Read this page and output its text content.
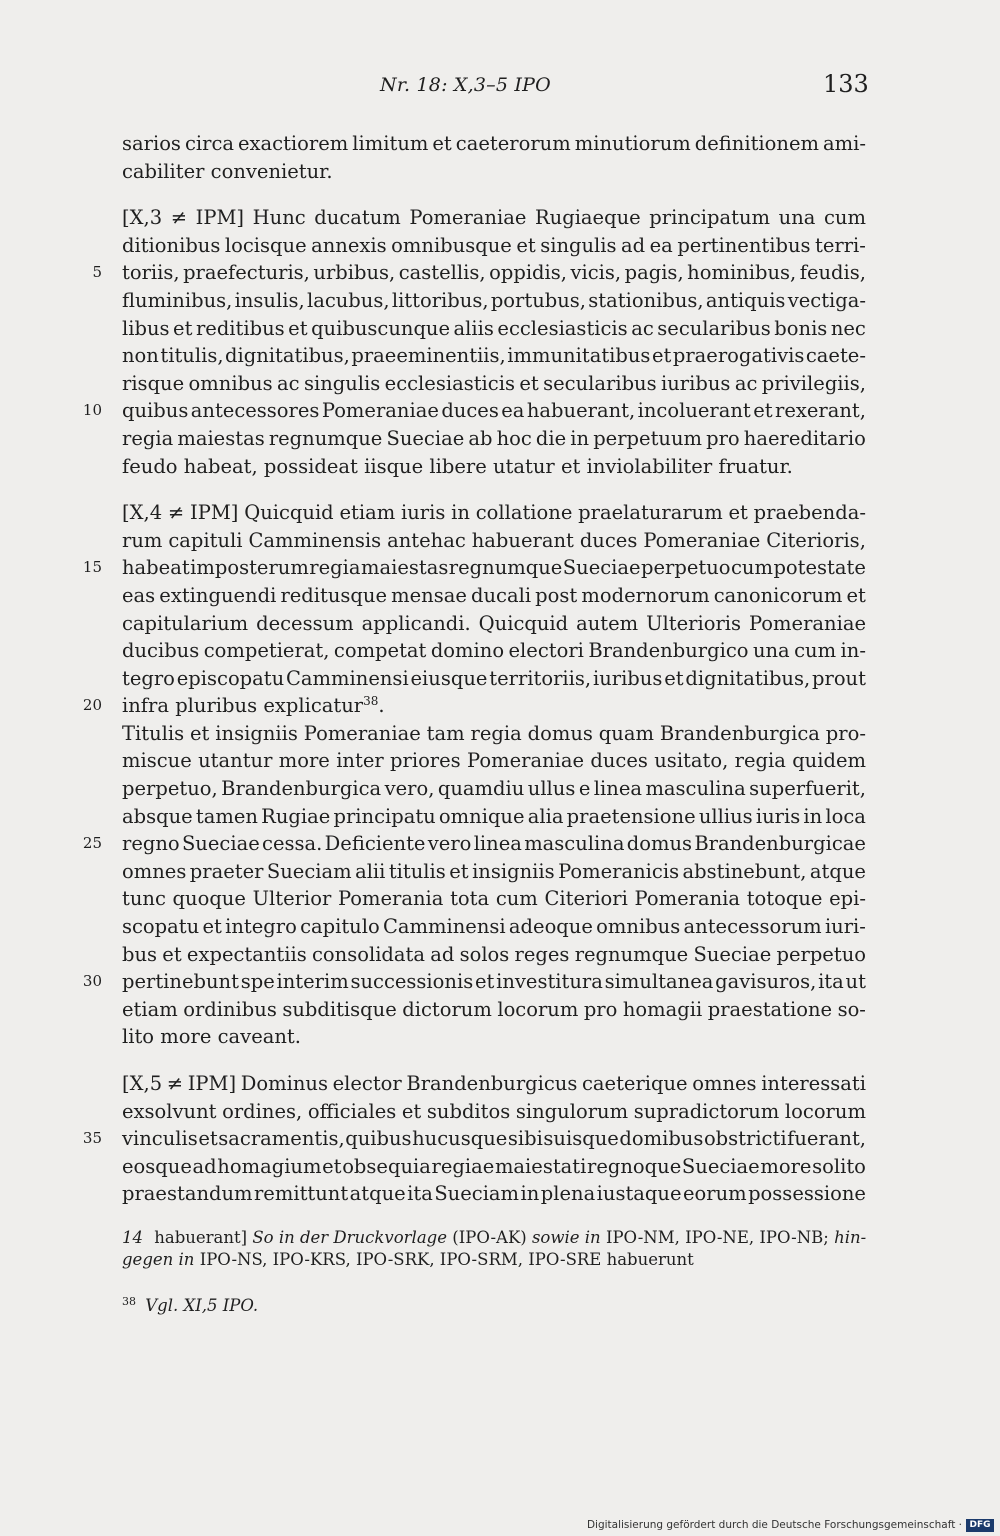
Nr. 18: X,3–5 IPO	133
sarios circa exactiorem limitum et caeterorum minutiorum definitionem ami-
cabiliter convenietur.
[X,3 ≠ IPM] Hunc ducatum Pomeraniae Rugiaeque principatum una cum
ditionibus locisque annexis omnibusque et singulis ad ea pertinentibus terri-
5 toriis, praefecturis, urbibus, castellis, oppidis, vicis, pagis, hominibus, feudis,
fluminibus, insulis, lacubus, littoribus, portubus, stationibus, antiquis vectiga-
libus et reditibus et quibuscunque aliis ecclesiasticis ac secularibus bonis nec
non titulis, dignitatibus, praeeminentiis, immunitatibus et praerogativis caete-
risque omnibus ac singulis ecclesiasticis et secularibus iuribus ac privilegiis,
10 quibus antecessores Pomeraniae duces ea habuerant, incoluerant et rexerant,
regia maiestas regnumque Sueciae ab hoc die in perpetuum pro haereditario
feudo habeat, possideat iisque libere utatur et inviolabiliter fruatur.
[X,4 ≠ IPM] Quicquid etiam iuris in collatione praelaturarum et praebenda-
rum capituli Camminensis antehac habuerant duces Pomeraniae Citerioris,
15 habeat imposterum regia maiestas regnumque Sueciae perpetuo cum potestate
eas extinguendi reditusque mensae ducali post modernorum canonicorum et
capitularium decessum applicandi. Quicquid autem Ulterioris Pomeraniae
ducibus competierat, competat domino electori Brandenburgico una cum in-
tegro episcopatu Camminensi eiusque territoriis, iuribus et dignitatibus, prout
20 infra pluribus explicatur$^{38}$.
Titulis et insigniis Pomeraniae tam regia domus quam Brandenburgica pro-
miscue utantur more inter priores Pomeraniae duces usitato, regia quidem
perpetuo, Brandenburgica vero, quamdiu ullus e linea masculina superfuerit,
absque tamen Rugiae principatu omnique alia praetensione ullius iuris in loca
25 regno Sueciae cessa. Deficiente vero linea masculina domus Brandenburgicae
omnes praeter Sueciam alii titulis et insigniis Pomeranicis abstinebunt, atque
tunc quoque Ulterior Pomerania tota cum Citeriori Pomerania totoque epi-
scopatu et integro capitulo Camminensi adeoque omnibus antecessorum iuri-
bus et expectantiis consolidata ad solos reges regnumque Sueciae perpetuo
30 pertinebunt spe interim successionis et investitura simultanea gavisuros, ita ut
etiam ordinibus subditisque dictorum locorum pro homagii praestatione so-
lito more caveant.
[X,5 ≠ IPM] Dominus elector Brandenburgicus caeterique omnes interessati
exsolvunt ordines, officiales et subditos singulorum supradictorum locorum
35 vinculis et sacramentis, quibus hucusque sibi suisque domibus obstricti fuerant,
eosque ad homagium et obsequia regiae maiestati regnoque Sueciae more solito
praestandum remittunt atque ita Sueciam in plena iustaque eorum possessione
14 habuerant] So in der Druckvorlage (IPO-AK) sowie in IPO-NM, IPO-NE, IPO-NB; hin-
gegen in IPO-NS, IPO-KRS, IPO-SRK, IPO-SRM, IPO-SRE habuerunt
$^{38}$ Vgl. XI,5 IPO.
Digitalisierung gefördert durch die Deutsche Forschungsgemeinschaft · DFG
